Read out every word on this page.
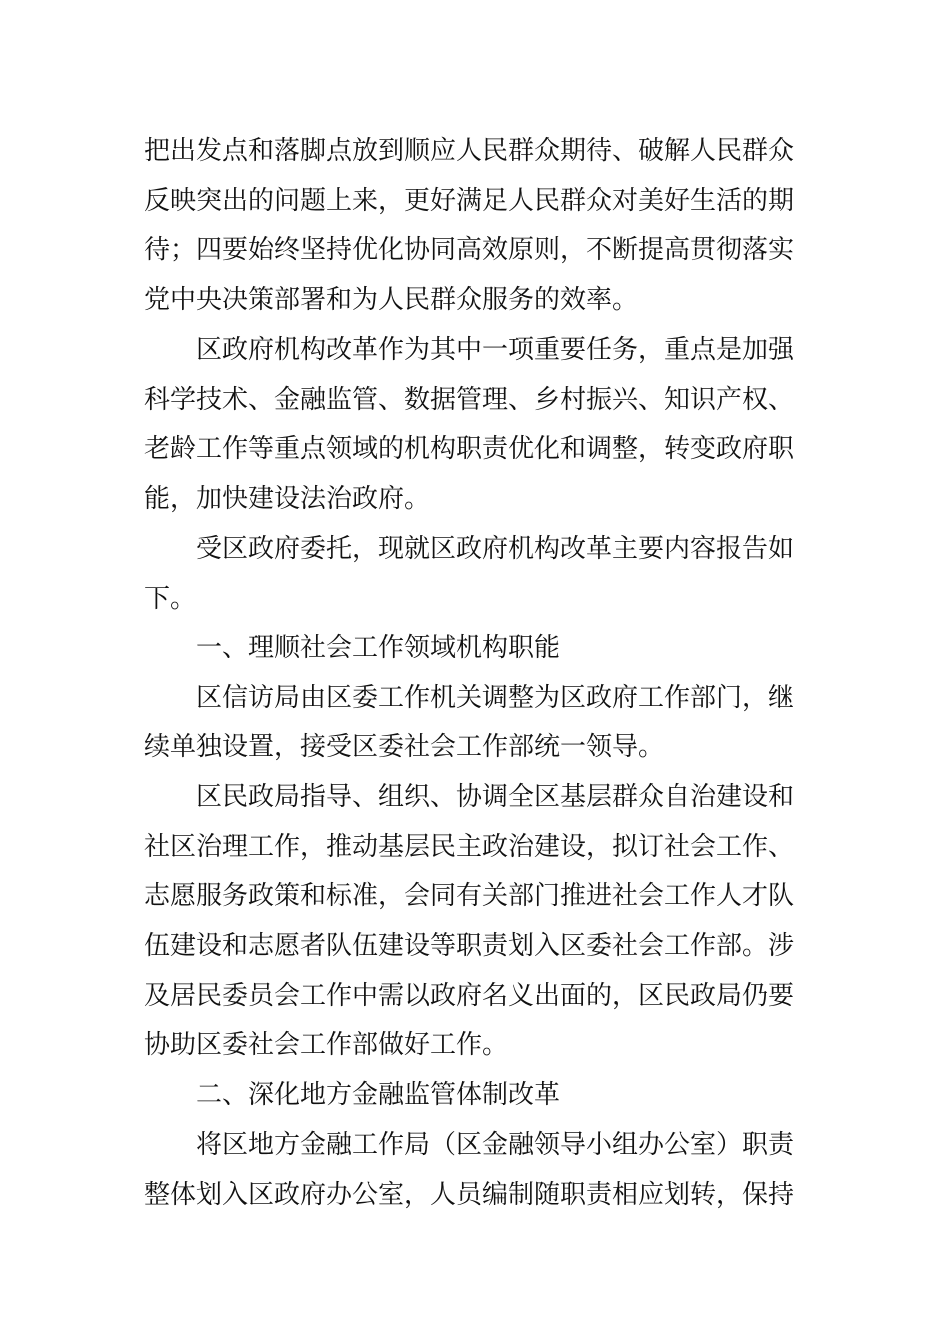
把出发点和落脚点放到顺应人民群众期待、破解人民群众
反映突出的问题上来，更好满足人民群众对美好生活的期
待；四要始终坚持优化协同高效原则，不断提高贯彻落实
党中央决策部署和为人民群众服务的效率。
区政府机构改革作为其中一项重要任务，重点是加强
科学技术、金融监管、数据管理、乡村振兴、知识产权、
老龄工作等重点领域的机构职责优化和调整，转变政府职
能，加快建设法治政府。
受区政府委托，现就区政府机构改革主要内容报告如
下。
一、理顺社会工作领域机构职能
区信访局由区委工作机关调整为区政府工作部门，继
续单独设置，接受区委社会工作部统一领导。
区民政局指导、组织、协调全区基层群众自治建设和
社区治理工作，推动基层民主政治建设，拟订社会工作、
志愿服务政策和标准，会同有关部门推进社会工作人才队
伍建设和志愿者队伍建设等职责划入区委社会工作部。涉
及居民委员会工作中需以政府名义出面的，区民政局仍要
协助区委社会工作部做好工作。
二、深化地方金融监管体制改革
将区地方金融工作局（区金融领导小组办公室）职责
整体划入区政府办公室，人员编制随职责相应划转，保持
